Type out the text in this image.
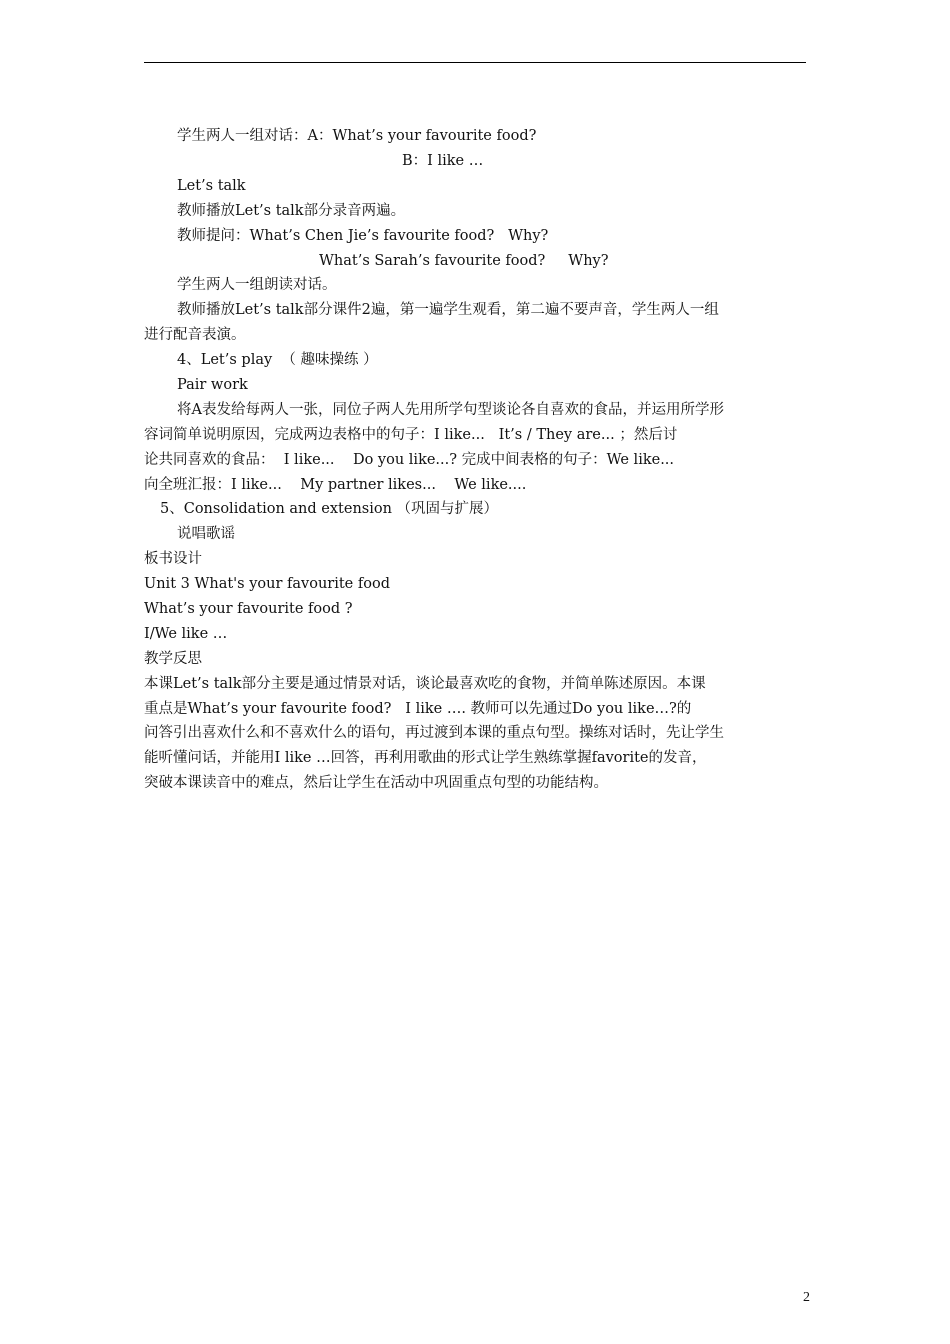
学生两人一组对话：A：What’s your favourite food?
B：I like …
Let’s talk
教师播放Let’s talk部分录音两遍。
教师提问：What’s Chen Jie’s favourite food?   Why?
What’s Sarah’s favourite food?     Why?
学生两人一组朗读对话。
教师播放Let’s talk部分课件2遍，第一遍学生观看，第二遍不要声音，学生两人一组
进行配音表演。
4、Let’s play  （ 趣味操练 ）
Pair work
将A表发给每两人一张，同位子两人先用所学句型谈论各自喜欢的食品，并运用所学形
容词简单说明原因，完成两边表格中的句子：I like...   It’s / They are... ；然后讨
论共同喜欢的食品：  I like...    Do you like...? 完成中间表格的句子：We like...
向全班汇报：I like...    My partner likes...    We like....
5、Consolidation and extension （巩固与扩展）
说唱歌谣
板书设计
Unit 3 What's your favourite food
What’s your favourite food ?
I/We like …
教学反思
本课Let’s talk部分主要是通过情景对话，谈论最喜欢吃的食物，并简单陈述原因。本课
重点是What’s your favourite food?   I like …. 教师可以先通过Do you like…?的
问答引出喜欢什么和不喜欢什么的语句，再过渡到本课的重点句型。操练对话时，先让学生
能听懂问话，并能用I like …回答，再利用歌曲的形式让学生熟练掌握favorite的发音，
突破本课读音中的难点，然后让学生在活动中巩固重点句型的功能结构。
2
